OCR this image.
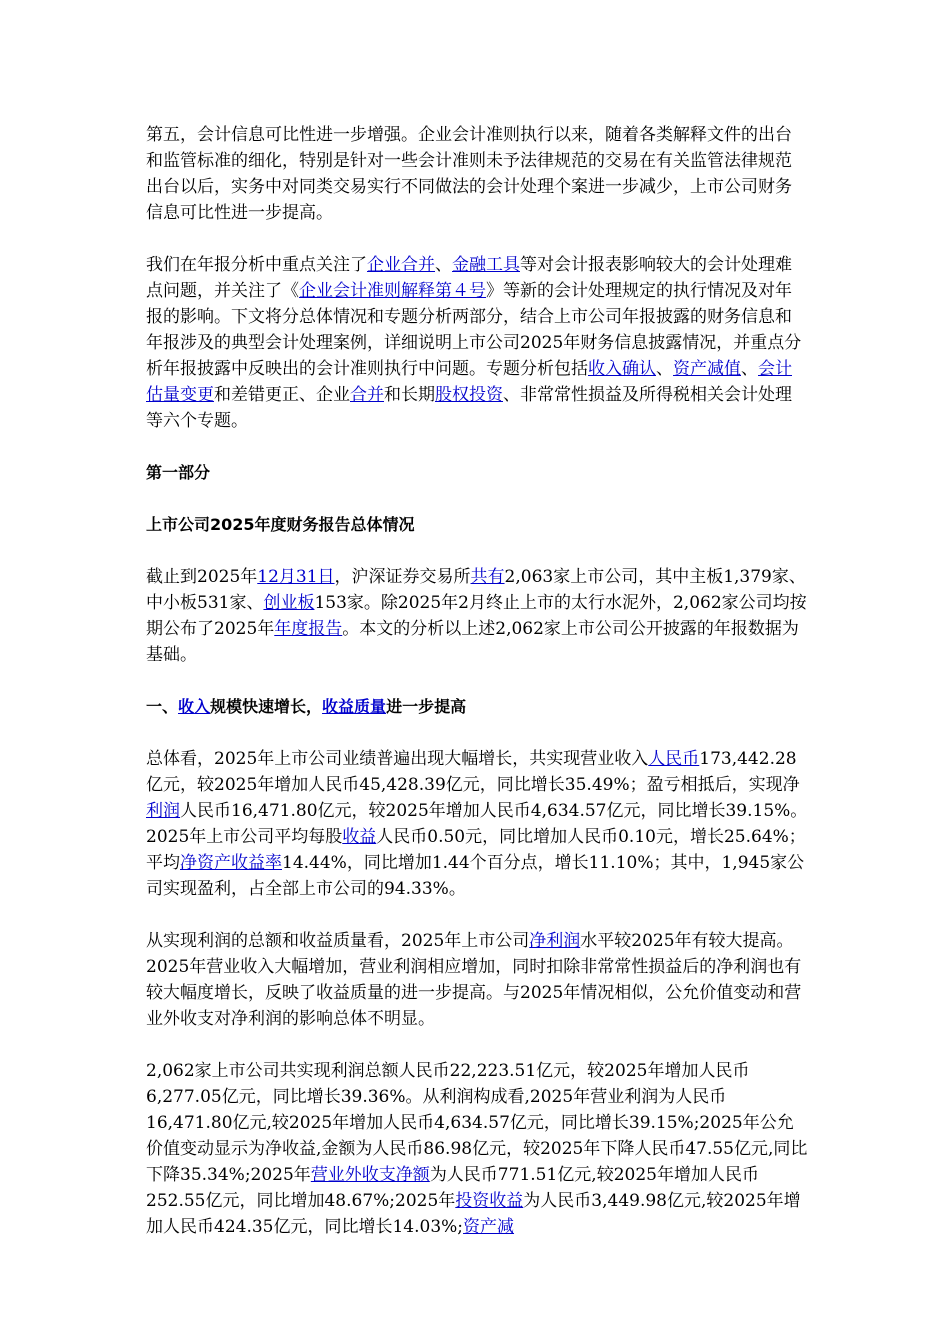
第五，会计信息可比性进一步增强。企业会计准则执行以来，随着各类解释文件的出台和监管标准的细化，特别是针对一些会计准则未予法律规范的交易在有关监管法律规范出台以后，实务中对同类交易实行不同做法的会计处理个案进一步减少，上市公司财务信息可比性进一步提高。

我们在年报分析中重点关注了企业合并、金融工具等对会计报表影响较大的会计处理难点问题，并关注了《企业会计准则解释第４号》等新的会计处理规定的执行情况及对年报的影响。下文将分总体情况和专题分析两部分，结合上市公司年报披露的财务信息和年报涉及的典型会计处理案例，详细说明上市公司2025年财务信息披露情况，并重点分析年报披露中反映出的会计准则执行中问题。专题分析包括收入确认、资产减值、会计估量变更和差错更正、企业合并和长期股权投资、非常常性损益及所得税相关会计处理等六个专题。

第一部分

上市公司2025年度财务报告总体情况

截止到2025年12月31日，沪深证券交易所共有2,063家上市公司，其中主板1,379家、中小板531家、创业板153家。除2025年2月终止上市的太行水泥外，2,062家公司均按期公布了2025年年度报告。本文的分析以上述2,062家上市公司公开披露的年报数据为基础。

一、收入规模快速增长，收益质量进一步提高

总体看，2025年上市公司业绩普遍出现大幅增长，共实现营业收入人民币173,442.28亿元，较2025年增加人民币45,428.39亿元，同比增长35.49%；盈亏相抵后，实现净利润人民币16,471.80亿元，较2025年增加人民币4,634.57亿元，同比增长39.15%。2025年上市公司平均每股收益人民币0.50元，同比增加人民币0.10元，增长25.64%；平均净资产收益率14.44%，同比增加1.44个百分点，增长11.10%；其中，1,945家公司实现盈利，占全部上市公司的94.33%。

从实现利润的总额和收益质量看，2025年上市公司净利润水平较2025年有较大提高。2025年营业收入大幅增加，营业利润相应增加，同时扣除非常常性损益后的净利润也有较大幅度增长，反映了收益质量的进一步提高。与2025年情况相似，公允价值变动和营业外收支对净利润的影响总体不明显。

2,062家上市公司共实现利润总额人民币22,223.51亿元，较2025年增加人民币6,277.05亿元，同比增长39.36%。从利润构成看,2025年营业利润为人民币16,471.80亿元,较2025年增加人民币4,634.57亿元，同比增长39.15%;2025年公允价值变动显示为净收益,金额为人民币86.98亿元，较2025年下降人民币47.55亿元,同比下降35.34%;2025年营业外收支净额为人民币771.51亿元,较2025年增加人民币252.55亿元，同比增加48.67%;2025年投资收益为人民币3,449.98亿元,较2025年增加人民币424.35亿元，同比增长14.03%;资产减
